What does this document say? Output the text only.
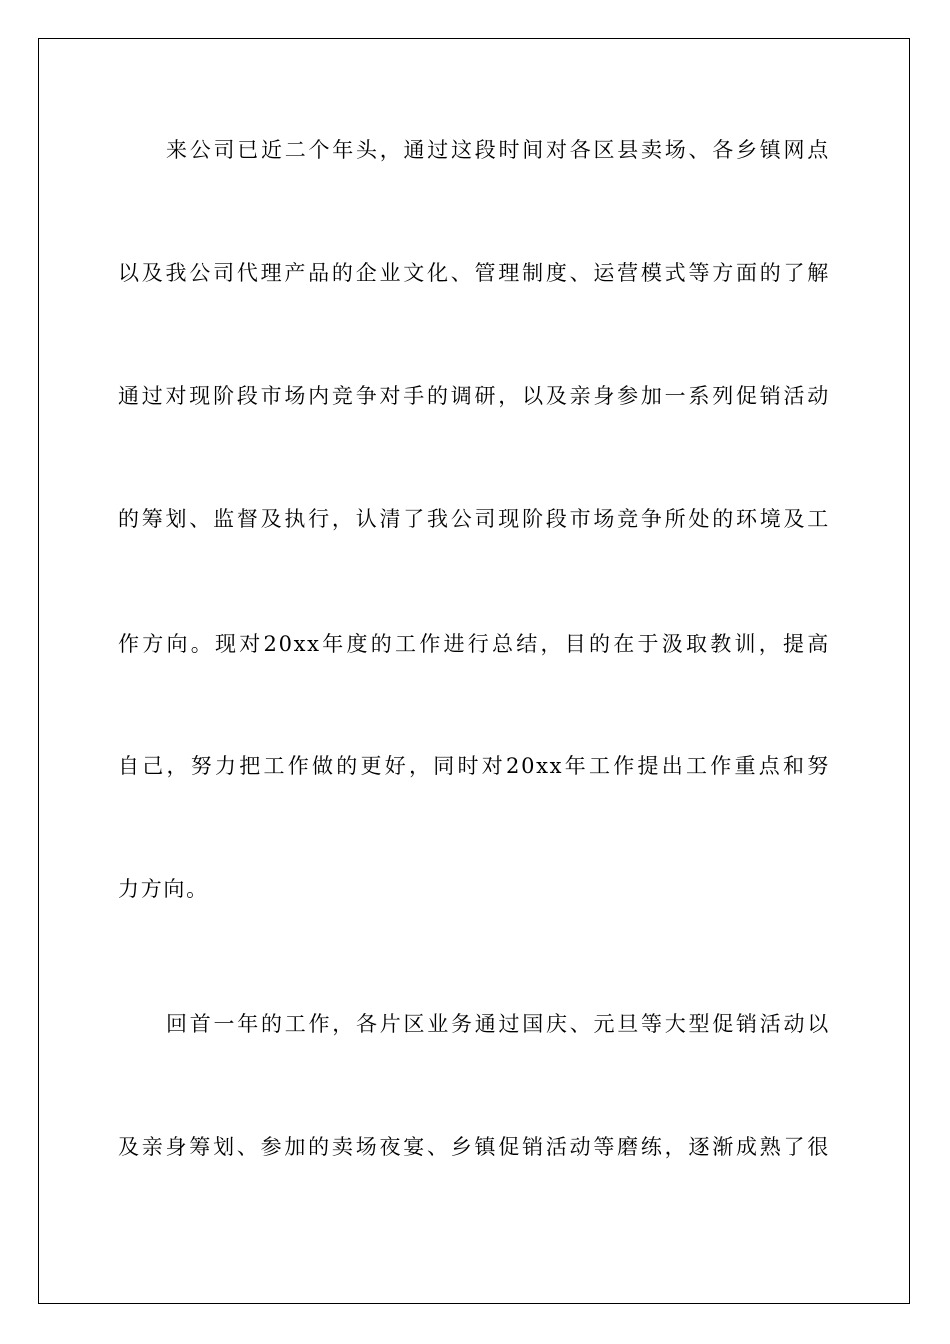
来公司已近二个年头，通过这段时间对各区县卖场、各乡镇网点
以及我公司代理产品的企业文化、管理制度、运营模式等方面的了解
通过对现阶段市场内竞争对手的调研，以及亲身参加一系列促销活动
的筹划、监督及执行，认清了我公司现阶段市场竞争所处的环境及工
作方向。现对20xx年度的工作进行总结，目的在于汲取教训，提高
自己，努力把工作做的更好，同时对20xx年工作提出工作重点和努
力方向。
回首一年的工作，各片区业务通过国庆、元旦等大型促销活动以
及亲身筹划、参加的卖场夜宴、乡镇促销活动等磨练，逐渐成熟了很
